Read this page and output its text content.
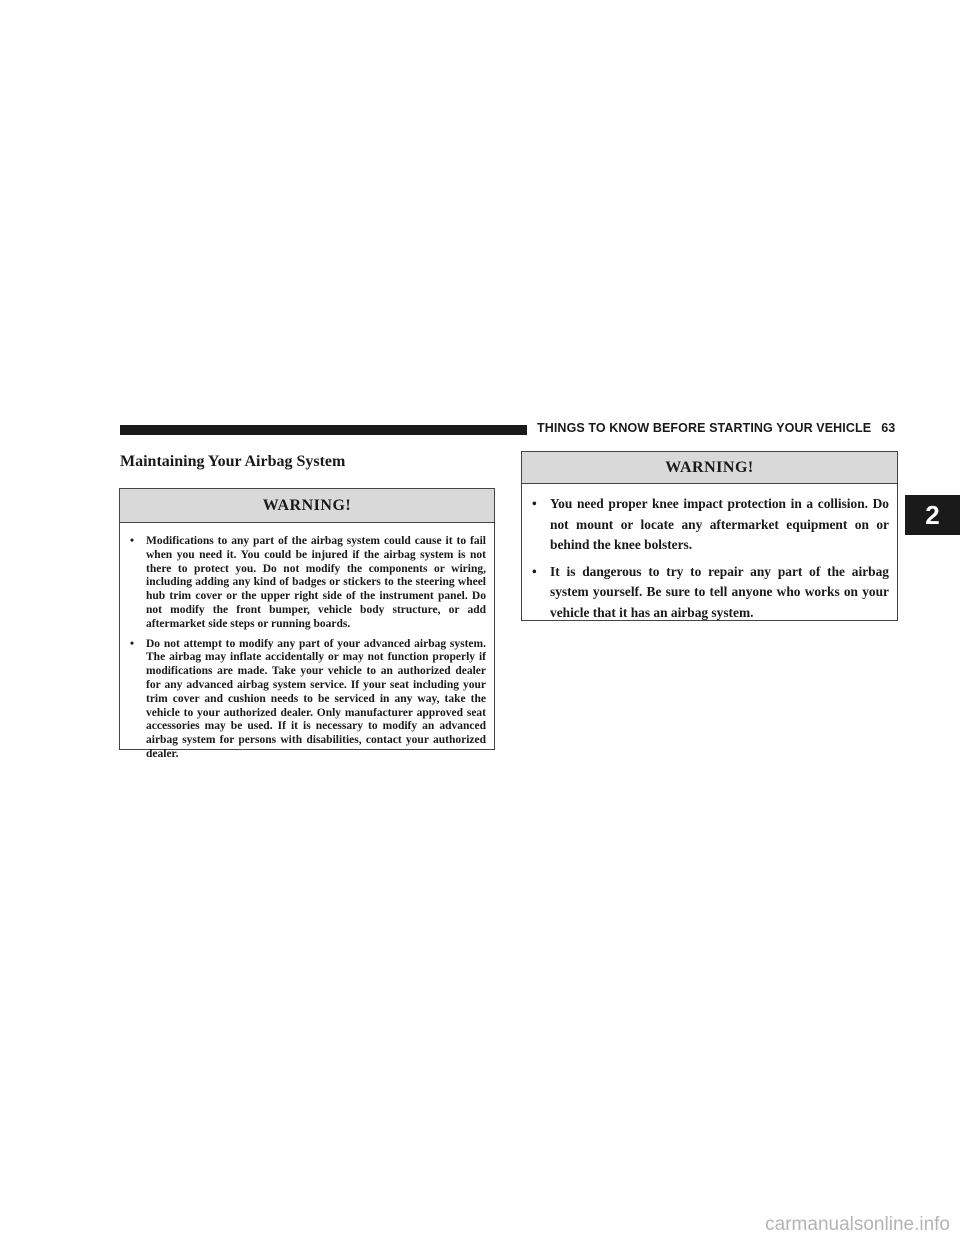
THINGS TO KNOW BEFORE STARTING YOUR VEHICLE 63
2
Maintaining Your Airbag System
WARNING!
• Modifications to any part of the airbag system could cause it to fail when you need it. You could be injured if the airbag system is not there to protect you. Do not modify the components or wiring, including adding any kind of badges or stickers to the steering wheel hub trim cover or the upper right side of the instrument panel. Do not modify the front bumper, vehicle body structure, or add aftermarket side steps or running boards.
• Do not attempt to modify any part of your advanced airbag system. The airbag may inflate accidentally or may not function properly if modifications are made. Take your vehicle to an authorized dealer for any advanced airbag system service. If your seat including your trim cover and cushion needs to be serviced in any way, take the vehicle to your authorized dealer. Only manufacturer approved seat accessories may be used. If it is necessary to modify an advanced airbag system for persons with disabilities, contact your authorized dealer.
WARNING!
• You need proper knee impact protection in a collision. Do not mount or locate any aftermarket equipment on or behind the knee bolsters.
• It is dangerous to try to repair any part of the airbag system yourself. Be sure to tell anyone who works on your vehicle that it has an airbag system.
carmanualsonline.info
